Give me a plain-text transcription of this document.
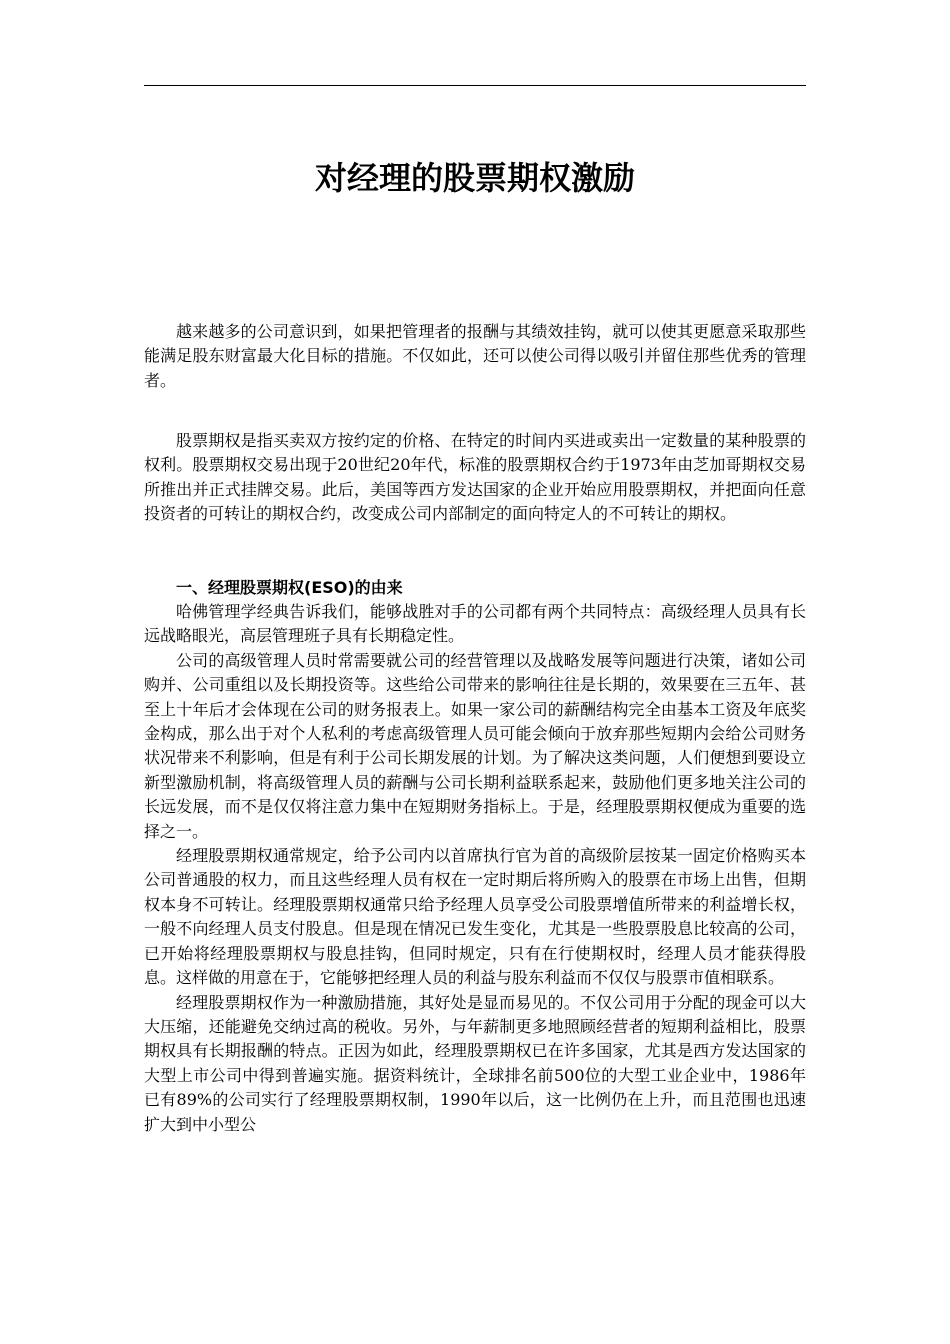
对经理的股票期权激励

越来越多的公司意识到，如果把管理者的报酬与其绩效挂钩，就可以使其更愿意采取那些能满足股东财富最大化目标的措施。不仅如此，还可以使公司得以吸引并留住那些优秀的管理者。

股票期权是指买卖双方按约定的价格、在特定的时间内买进或卖出一定数量的某种股票的权利。股票期权交易出现于20世纪20年代，标准的股票期权合约于1973年由芝加哥期权交易所推出并正式挂牌交易。此后，美国等西方发达国家的企业开始应用股票期权，并把面向任意投资者的可转让的期权合约，改变成公司内部制定的面向特定人的不可转让的期权。

一、经理股票期权(ESO)的由来

哈佛管理学经典告诉我们，能够战胜对手的公司都有两个共同特点：高级经理人员具有长远战略眼光，高层管理班子具有长期稳定性。

公司的高级管理人员时常需要就公司的经营管理以及战略发展等问题进行决策，诸如公司购并、公司重组以及长期投资等。这些给公司带来的影响往往是长期的，效果要在三五年、甚至上十年后才会体现在公司的财务报表上。如果一家公司的薪酬结构完全由基本工资及年底奖金构成，那么出于对个人私利的考虑高级管理人员可能会倾向于放弃那些短期内会给公司财务状况带来不利影响，但是有利于公司长期发展的计划。为了解决这类问题，人们便想到要设立新型激励机制，将高级管理人员的薪酬与公司长期利益联系起来，鼓励他们更多地关注公司的长远发展，而不是仅仅将注意力集中在短期财务指标上。于是，经理股票期权便成为重要的选择之一。

经理股票期权通常规定，给予公司内以首席执行官为首的高级阶层按某一固定价格购买本公司普通股的权力，而且这些经理人员有权在一定时期后将所购入的股票在市场上出售，但期权本身不可转让。经理股票期权通常只给予经理人员享受公司股票增值所带来的利益增长权，一般不向经理人员支付股息。但是现在情况已发生变化，尤其是一些股票股息比较高的公司，已开始将经理股票期权与股息挂钩，但同时规定，只有在行使期权时，经理人员才能获得股息。这样做的用意在于，它能够把经理人员的利益与股东利益而不仅仅与股票市值相联系。

经理股票期权作为一种激励措施，其好处是显而易见的。不仅公司用于分配的现金可以大大压缩，还能避免交纳过高的税收。另外，与年薪制更多地照顾经营者的短期利益相比，股票期权具有长期报酬的特点。正因为如此，经理股票期权已在许多国家，尤其是西方发达国家的大型上市公司中得到普遍实施。据资料统计，全球排名前500位的大型工业企业中，1986年已有89%的公司实行了经理股票期权制，1990年以后，这一比例仍在上升，而且范围也迅速扩大到中小型公
